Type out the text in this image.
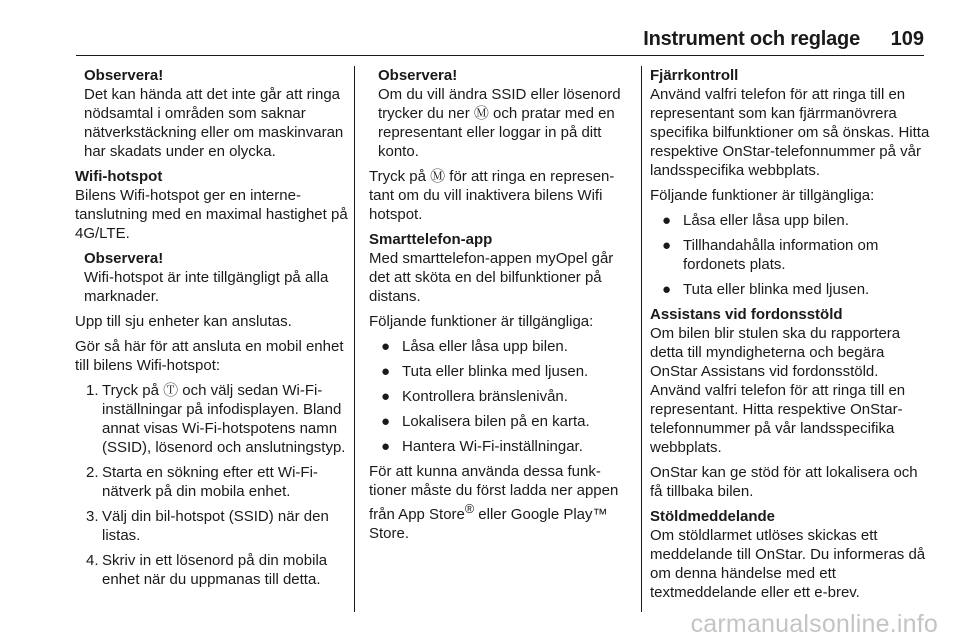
Instrument och reglage 109
Observera!
Det kan hända att det inte går att ringa nödsamtal i områden som saknar nätverkstäckning eller om maskinvaran har skadats under en olycka.
Wifi-hotspot

Bilens Wifi-hotspot ger en internetanslutning med en maximal hastighet på 4G/LTE.

Observera!
Wifi-hotspot är inte tillgängligt på alla marknader.

Upp till sju enheter kan anslutas.

Gör så här för att ansluta en mobil enhet till bilens Wifi-hotspot:

1. Tryck på Ⓣ och välj sedan Wi-Fi-inställningar på infodisplayen. Bland annat visas Wi-Fi-hotspotens namn (SSID), lösenord och anslutningstyp.
2. Starta en sökning efter ett Wi-Fi-nätverk på din mobila enhet.
3. Välj din bil-hotspot (SSID) när den listas.
4. Skriv in ett lösenord på din mobila enhet när du uppmanas till detta.
Observera!
Om du vill ändra SSID eller lösenord trycker du ner Ⓜ och pratar med en representant eller loggar in på ditt konto.

Tryck på Ⓜ för att ringa en representant om du vill inaktivera bilens Wifi hotspot.

Smarttelefon-app

Med smarttelefon-appen myOpel går det att sköta en del bilfunktioner på distans.

Följande funktioner är tillgängliga:

● Låsa eller låsa upp bilen.
● Tuta eller blinka med ljusen.
● Kontrollera bränslenivån.
● Lokalisera bilen på en karta.
● Hantera Wi-Fi-inställningar.

För att kunna använda dessa funktioner måste du först ladda ner appen från App Store® eller Google Play™ Store.

Fjärrkontroll

Använd valfri telefon för att ringa till en representant som kan fjärrmanövrera specifika bilfunktioner om så önskas. Hitta respektive OnStar-telefonnummer på vår landsspecifika webbplats.

Följande funktioner är tillgängliga:

● Låsa eller låsa upp bilen.
● Tillhandahålla information om fordonets plats.
● Tuta eller blinka med ljusen.
Assistans vid fordonsstöld

Om bilen blir stulen ska du rapportera detta till myndigheterna och begära OnStar Assistans vid fordonsstöld. Använd valfri telefon för att ringa till en representant. Hitta respektive OnStar-telefonnummer på vår landsspecifika webbplats.

OnStar kan ge stöd för att lokalisera och få tillbaka bilen.

Stöldmeddelande

Om stöldlarmet utlöses skickas ett meddelande till OnStar. Du informeras då om denna händelse med ett textmeddelande eller ett e-brev.

carmanualsonline.info
